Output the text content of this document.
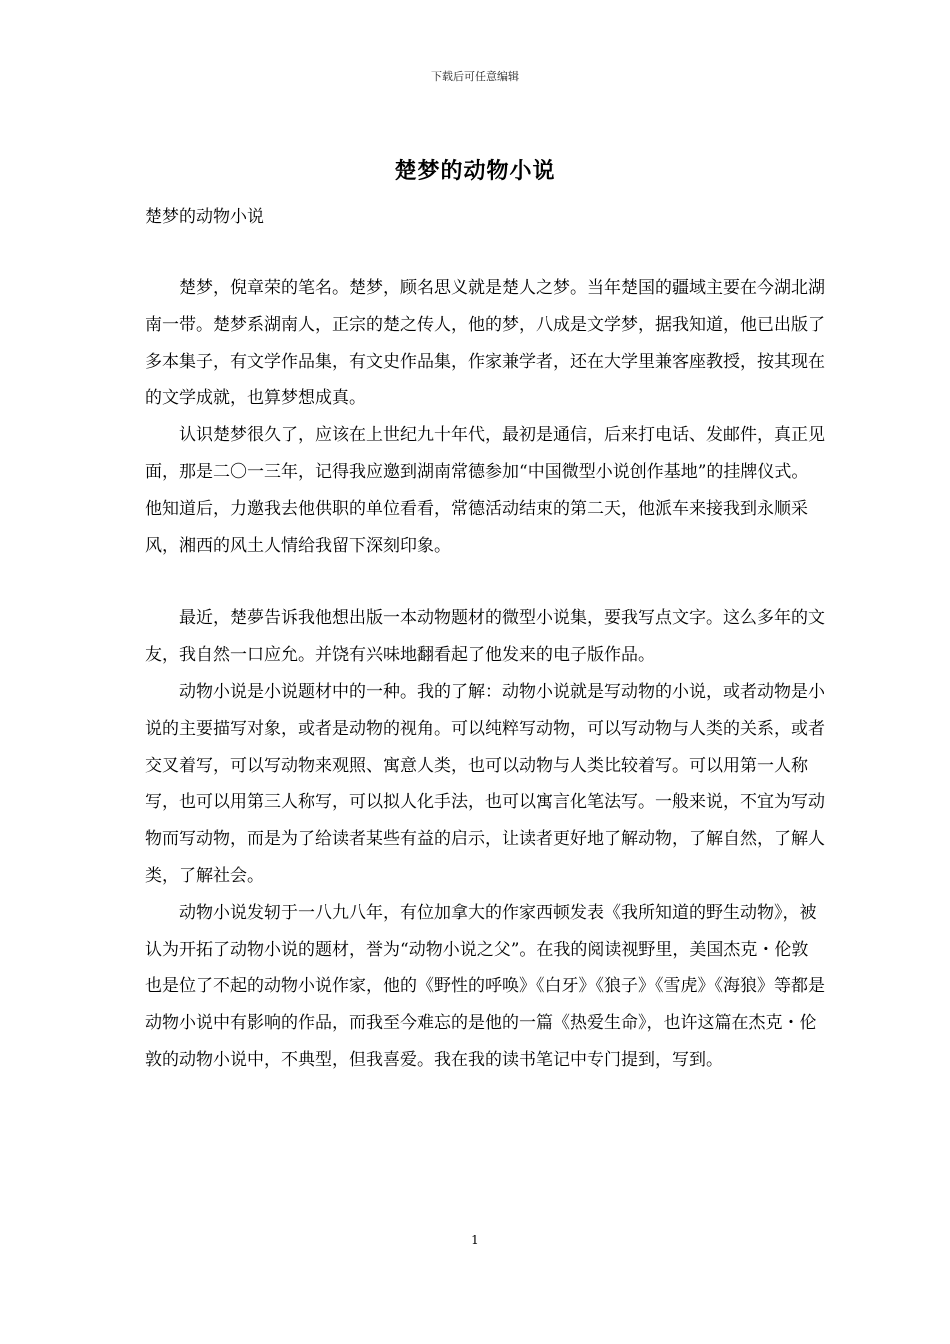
下载后可任意编辑
楚梦的动物小说
楚梦的动物小说

楚梦，倪章荣的笔名。楚梦，顾名思义就是楚人之梦。当年楚国的疆域主要在今湖北湖南一带。楚梦系湖南人，正宗的楚之传人，他的梦，八成是文学梦，据我知道，他已出版了多本集子，有文学作品集，有文史作品集，作家兼学者，还在大学里兼客座教授，按其现在的文学成就，也算梦想成真。

认识楚梦很久了，应该在上世纪九十年代，最初是通信，后来打电话、发邮件，真正见面，那是二〇一三年，记得我应邀到湖南常德参加“中国微型小说创作基地”的挂牌仪式。他知道后，力邀我去他供职的单位看看，常德活动结束的第二天，他派车来接我到永顺采风，湘西的风土人情给我留下深刻印象。

最近，楚夢告诉我他想出版一本动物题材的微型小说集，要我写点文字。这么多年的文友，我自然一口应允。并饶有兴味地翻看起了他发来的电子版作品。

动物小说是小说题材中的一种。我的了解：动物小说就是写动物的小说，或者动物是小说的主要描写对象，或者是动物的视角。可以纯粹写动物，可以写动物与人类的关系，或者交叉着写，可以写动物来观照、寓意人类，也可以动物与人类比较着写。可以用第一人称写，也可以用第三人称写，可以拟人化手法，也可以寓言化笔法写。一般来说，不宜为写动物而写动物，而是为了给读者某些有益的启示，让读者更好地了解动物，了解自然，了解人类，了解社会。

动物小说发轫于一八九八年，有位加拿大的作家西顿发表《我所知道的野生动物》，被认为开拓了动物小说的题材，誉为“动物小说之父”。在我的阅读视野里，美国杰克・伦敦也是位了不起的动物小说作家，他的《野性的呼唤》《白牙》《狼子》《雪虎》《海狼》等都是动物小说中有影响的作品，而我至今难忘的是他的一篇《热爱生命》，也许这篇在杰克・伦敦的动物小说中，不典型，但我喜爱。我在我的读书笔记中专门提到，写到。

1
